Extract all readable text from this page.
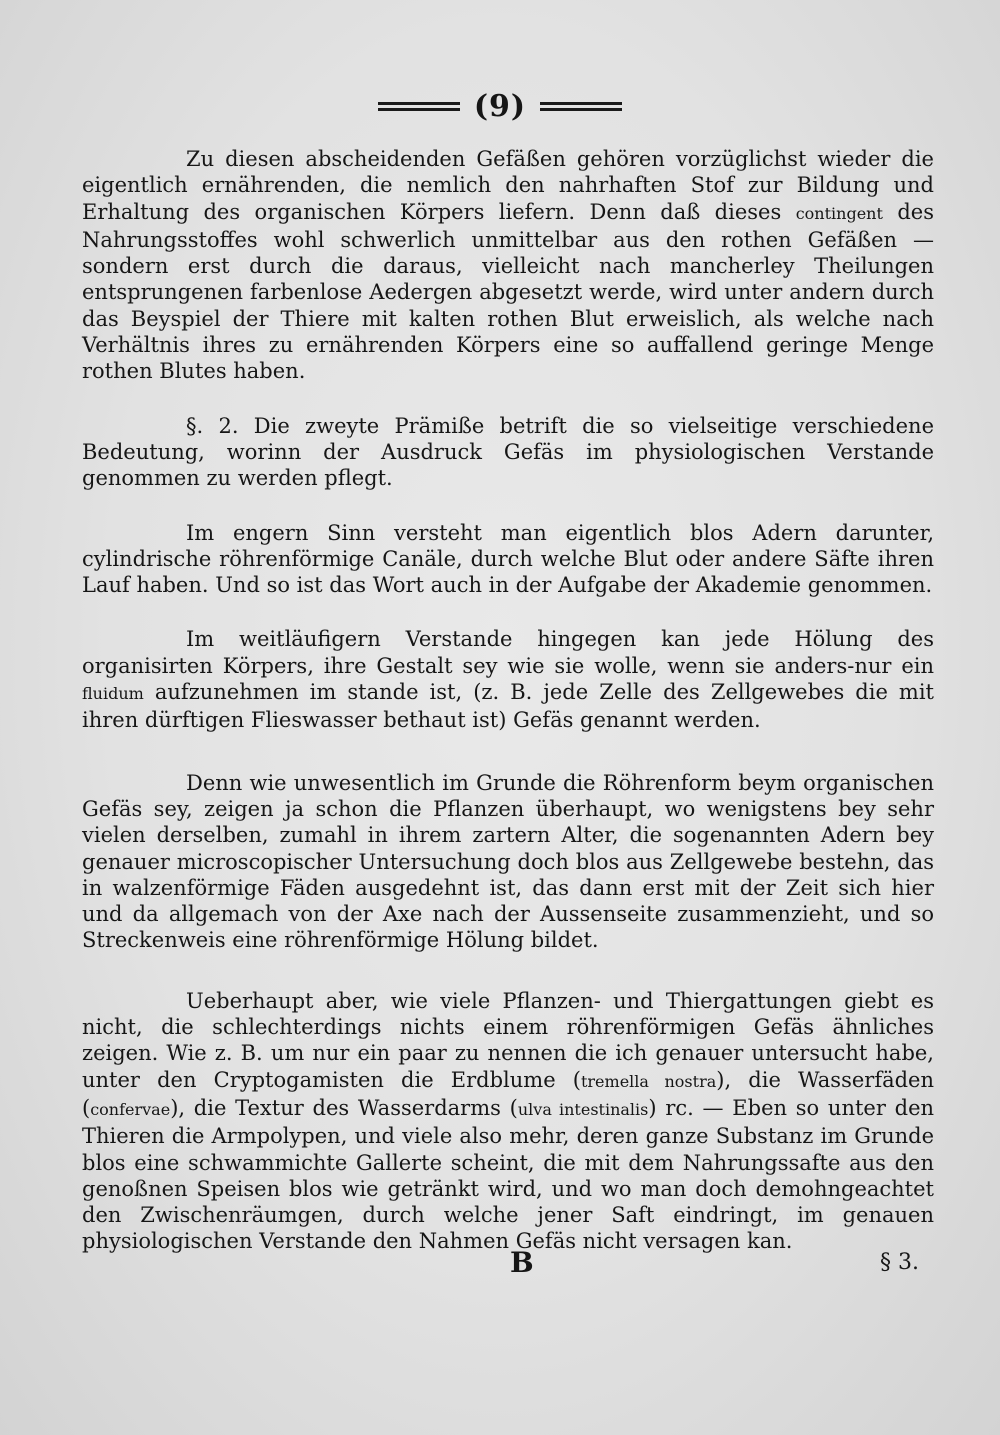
(9)

Zu diesen abscheidenden Gefäßen gehören vorzüglichst wieder die eigentlich ernährenden, die nemlich den nahrhaften Stof zur Bildung und Erhaltung des organischen Körpers liefern. Denn daß dieses contingent des Nahrungsstoffes wohl schwerlich unmittelbar aus den rothen Gefäßen — sondern erst durch die daraus, vielleicht nach mancherley Theilungen entsprungenen farbenlose Aedergen abgesetzt werde, wird unter andern durch das Beyspiel der Thiere mit kalten rothen Blut erweislich, als welche nach Verhältnis ihres zu ernährenden Körpers eine so auffallend geringe Menge rothen Blutes haben.

§. 2. Die zweyte Prämiße betrift die so vielseitige verschiedene Bedeutung, worinn der Ausdruck Gefäs im physiologischen Verstande genommen zu werden pflegt.

Im engern Sinn versteht man eigentlich blos Adern darunter, cylindrische röhrenförmige Canäle, durch welche Blut oder andere Säfte ihren Lauf haben. Und so ist das Wort auch in der Aufgabe der Akademie genommen.

Im weitläufigern Verstande hingegen kan jede Hölung des organisirten Körpers, ihre Gestalt sey wie sie wolle, wenn sie anders-nur ein fluidum aufzunehmen im stande ist, (z. B. jede Zelle des Zellgewebes die mit ihren dürftigen Flieswasser bethaut ist) Gefäs genannt werden.

Denn wie unwesentlich im Grunde die Röhrenform beym organischen Gefäs sey, zeigen ja schon die Pflanzen überhaupt, wo wenigstens bey sehr vielen derselben, zumahl in ihrem zartern Alter, die sogenannten Adern bey genauer microscopischer Untersuchung doch blos aus Zellgewebe bestehn, das in walzenförmige Fäden ausgedehnt ist, das dann erst mit der Zeit sich hier und da allgemach von der Axe nach der Aussenseite zusammenzieht, und so Streckenweis eine röhrenförmige Hölung bildet.

Ueberhaupt aber, wie viele Pflanzen- und Thiergattungen giebt es nicht, die schlechterdings nichts einem röhrenförmigen Gefäs ähnliches zeigen. Wie z. B. um nur ein paar zu nennen die ich genauer untersucht habe, unter den Cryptogamisten die Erdblume (tremella nostra), die Wasserfäden (confervae), die Textur des Wasserdarms (ulva intestinalis) rc. — Eben so unter den Thieren die Armpolypen, und viele also mehr, deren ganze Substanz im Grunde blos eine schwammichte Gallerte scheint, die mit dem Nahrungssafte aus den genoßnen Speisen blos wie getränkt wird, und wo man doch demohngeachtet den Zwischenräumgen, durch welche jener Saft eindringt, im genauen physiologischen Verstande den Nahmen Gefäs nicht versagen kan.

B	§ 3.
